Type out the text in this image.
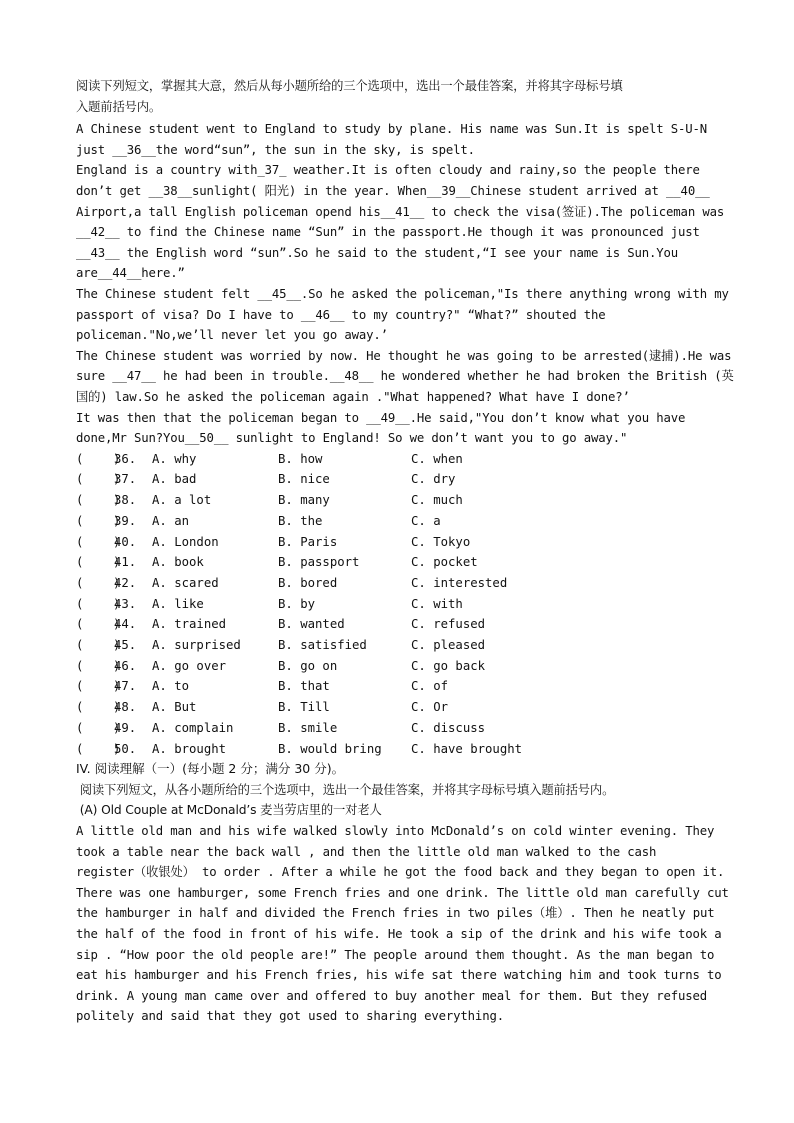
阅读下列短文，掌握其大意，然后从每小题所给的三个选项中，选出一个最佳答案，并将其字母标号填
入题前括号内。
A Chinese student went to England to study by plane. His name was Sun.It is spelt S-U-N
just __36__the word“sun”, the sun in the sky, is spelt.
England is a country with_37_ weather.It is often cloudy and rainy,so the people there
don’t get __38__sunlight( 阳光) in the year. When__39__Chinese student arrived at __40__
Airport,a tall English policeman opend his__41__ to check the visa(签证).The policeman was
__42__ to find the Chinese name “Sun” in the passport.He though it was pronounced just
__43__ the English word “sun”.So he said to the student,“I see your name is Sun.You
are__44__here.”
The Chinese student felt __45__.So he asked the policeman,"Is there anything wrong with my
passport of visa? Do I have to __46__ to my country?" “What?” shouted the
policeman."No,we’ll never let you go away.’
The Chinese student was worried by now. He thought he was going to be arrested(逮捕).He was
sure __47__ he had been in trouble.__48__ he wondered whether he had broken the British (英
国的) law.So he asked the policeman again ."What happened? What have I done?’
It was then that the policeman began to __49__.He said,"You don’t know what you have
done,Mr Sun?You__50__ sunlight to England! So we don’t want you to go away."
(    )
36.	A. why	B. how	C. when
(    )
37.	A. bad	B. nice	C. dry
(    )
38.	A. a lot	B. many	C. much
(    )
39.	A. an	B. the	C. a
(    )
40.	A. London	B. Paris	C. Tokyo
(    )
41.	A. book	B. passport	C. pocket
(    )
42.	A. scared	B. bored	C. interested
(    )
43.	A. like	B. by	C. with
(    )
44.	A. trained	B. wanted	C. refused
(    )
45.	A. surprised	B. satisfied	C. pleased
(    )
46.	A. go over	B. go on	C. go back
(    )
47.	A. to	B. that	C. of
(    )
48.	A. But	B. Till	C. Or
(    )
49.	A. complain	B. smile	C. discuss
(    )
50.	A. brought	B. would bring	C. have brought
IV. 阅读理解（一）(每小题 2 分；满分 30 分)。
阅读下列短文，从各小题所给的三个选项中，选出一个最佳答案，并将其字母标号填入题前括号内。
(A) Old Couple at McDonald’s 麦当劳店里的一对老人
A little old man and his wife walked slowly into McDonald’s on cold winter evening. They
took a table near the back wall , and then the little old man walked to the cash
register（收银处） to order . After a while he got the food back and they began to open it.
There was one hamburger, some French fries and one drink. The little old man carefully cut
the hamburger in half and divided the French fries in two piles（堆）. Then he neatly put
the half of the food in front of his wife. He took a sip of the drink and his wife took a
sip . “How poor the old people are!” The people around them thought. As the man began to
eat his hamburger and his French fries, his wife sat there watching him and took turns to
drink. A young man came over and offered to buy another meal for them. But they refused
politely and said that they got used to sharing everything.
